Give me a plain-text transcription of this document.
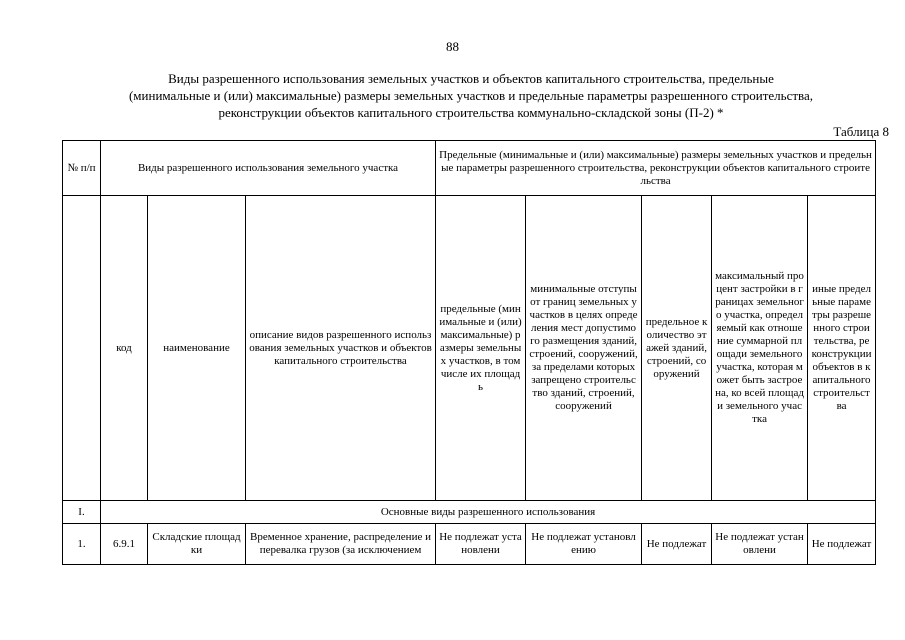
88
Виды разрешенного использования земельных участков и объектов капитального строительства, предельные
(минимальные и (или) максимальные) размеры земельных участков и предельные параметры разрешенного строительства,
реконструкции объектов капитального строительства коммунально-складской зоны (П-2) *
Таблица 8
№ п/п	Виды разрешенного использования земельного участка			Предельные (минимальные и (или) максимальные) размеры земельных участков и предельные параметры разрешенного строительства, реконструкции объектов капитального строительства				
	код	наименование	описание видов разрешенного использования земельных участков и объектов капитального строительства	предельные (минимальные и (или) максимальные) размеры земельных участков, в том числе их площадь	минимальные отступы от границ земельных участков в целях определения мест допустимого размещения зданий, строений, сооружений, за пределами которых запрещено строительство зданий, строений, сооружений	предельное количество этажей зданий, строений, сооружений	максимальный процент застройки в границах земельного участка, определяемый как отношение суммарной площади земельного участка, которая может быть застроена, ко всей площади земельного участка	иные предельные параметры разрешенного строительства, реконструкции объектов в капитального строительства
I.	Основные виды разрешенного использования							
1.	6.9.1	Складские площадки	Временное хранение, распределение и перевалка грузов (за исключением	Не подлежат установлени	Не подлежат установлению	Не подлежат	Не подлежат установлени	Не подлежат
